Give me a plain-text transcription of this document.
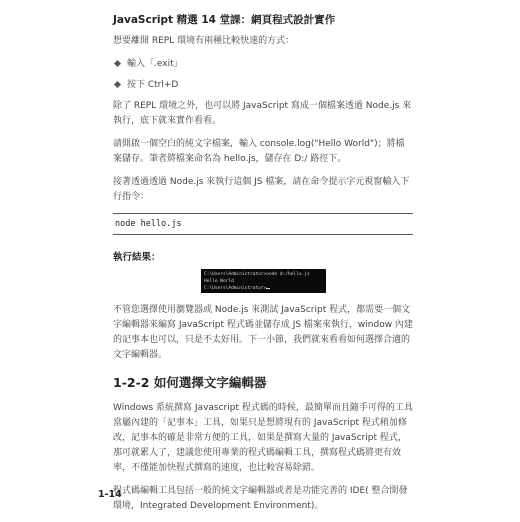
JavaScript 精選 14 堂課：網頁程式設計實作

想要離開 REPL 環境有兩種比較快速的方式：

輸入「.exit」
按下 Ctrl+D

除了 REPL 環境之外，也可以將 JavaScript 寫成一個檔案透過 Node.js 來執行，底下就來實作看看。

請開啟一個空白的純文字檔案，輸入 console.log("Hello World")；將檔案儲存。筆者將檔案命名為 hello.js，儲存在 D:/ 路徑下。

接著透過透過 Node.js 來執行這個 JS 檔案，請在命令提示字元視窗輸入下行指令：

node hello.js
執行結果：
C:\Users\Administrator>node d:/hello.js
Hello World
C:\Users\Administrator>

不管您選擇使用瀏覽器或 Node.js 來測試 JavaScript 程式，都需要一個文字編輯器來編寫 JavaScript 程式碼並儲存成 JS 檔案來執行，window 內建的記事本也可以，只是不太好用。下一小節，我們就來看看如何選擇合適的文字編輯器。

1-2-2 如何選擇文字編輯器

Windows 系統撰寫 Javascript 程式碼的時候，最簡單而且隨手可得的工具當屬內建的「記事本」工具，如果只是想將現有的 JavaScript 程式稍加修改，記事本的確是非常方便的工具，如果是撰寫大量的 JavaScript 程式，那可就累人了，建議您使用專業的程式碼編輯工具，撰寫程式碼將更有效率，不僅能加快程式撰寫的速度，也比較容易除錯。

程式碼編輯工具包括一般的純文字編輯器或者是功能完善的 IDE( 整合開發環境，Integrated Development Environment)。

1-14
